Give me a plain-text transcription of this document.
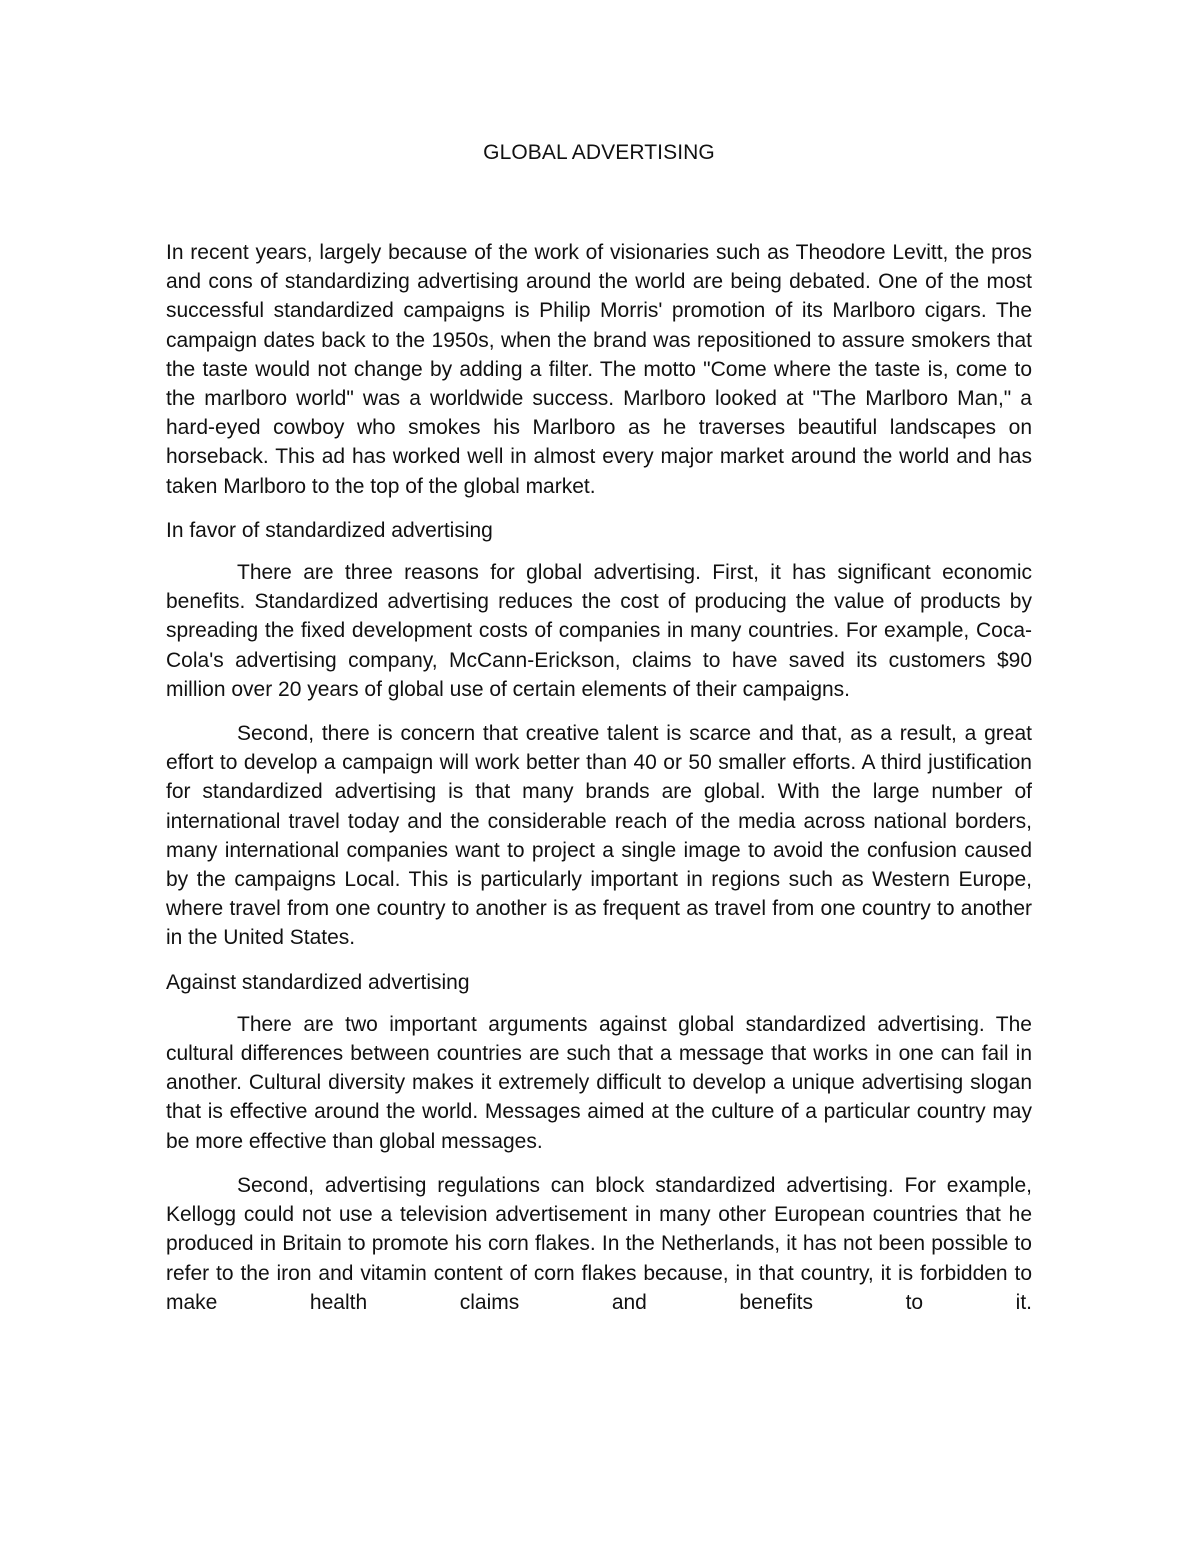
GLOBAL ADVERTISING

In recent years, largely because of the work of visionaries such as Theodore Levitt, the pros and cons of standardizing advertising around the world are being debated. One of the most successful standardized campaigns is Philip Morris' promotion of its Marlboro cigars. The campaign dates back to the 1950s, when the brand was repositioned to assure smokers that the taste would not change by adding a filter. The motto "Come where the taste is, come to the marlboro world" was a worldwide success. Marlboro looked at "The Marlboro Man," a hard-eyed cowboy who smokes his Marlboro as he traverses beautiful landscapes on horseback. This ad has worked well in almost every major market around the world and has taken Marlboro to the top of the global market.

In favor of standardized advertising

There are three reasons for global advertising. First, it has significant economic benefits. Standardized advertising reduces the cost of producing the value of products by spreading the fixed development costs of companies in many countries. For example, Coca-Cola's advertising company, McCann-Erickson, claims to have saved its customers $90 million over 20 years of global use of certain elements of their campaigns.

Second, there is concern that creative talent is scarce and that, as a result, a great effort to develop a campaign will work better than 40 or 50 smaller efforts. A third justification for standardized advertising is that many brands are global. With the large number of international travel today and the considerable reach of the media across national borders, many international companies want to project a single image to avoid the confusion caused by the campaigns Local. This is particularly important in regions such as Western Europe, where travel from one country to another is as frequent as travel from one country to another in the United States.

Against standardized advertising

There are two important arguments against global standardized advertising. The cultural differences between countries are such that a message that works in one can fail in another. Cultural diversity makes it extremely difficult to develop a unique advertising slogan that is effective around the world. Messages aimed at the culture of a particular country may be more effective than global messages.

Second, advertising regulations can block standardized advertising. For example, Kellogg could not use a television advertisement in many other European countries that he produced in Britain to promote his corn flakes. In the Netherlands, it has not been possible to refer to the iron and vitamin content of corn flakes because, in that country, it is forbidden to make health claims and benefits to it.
